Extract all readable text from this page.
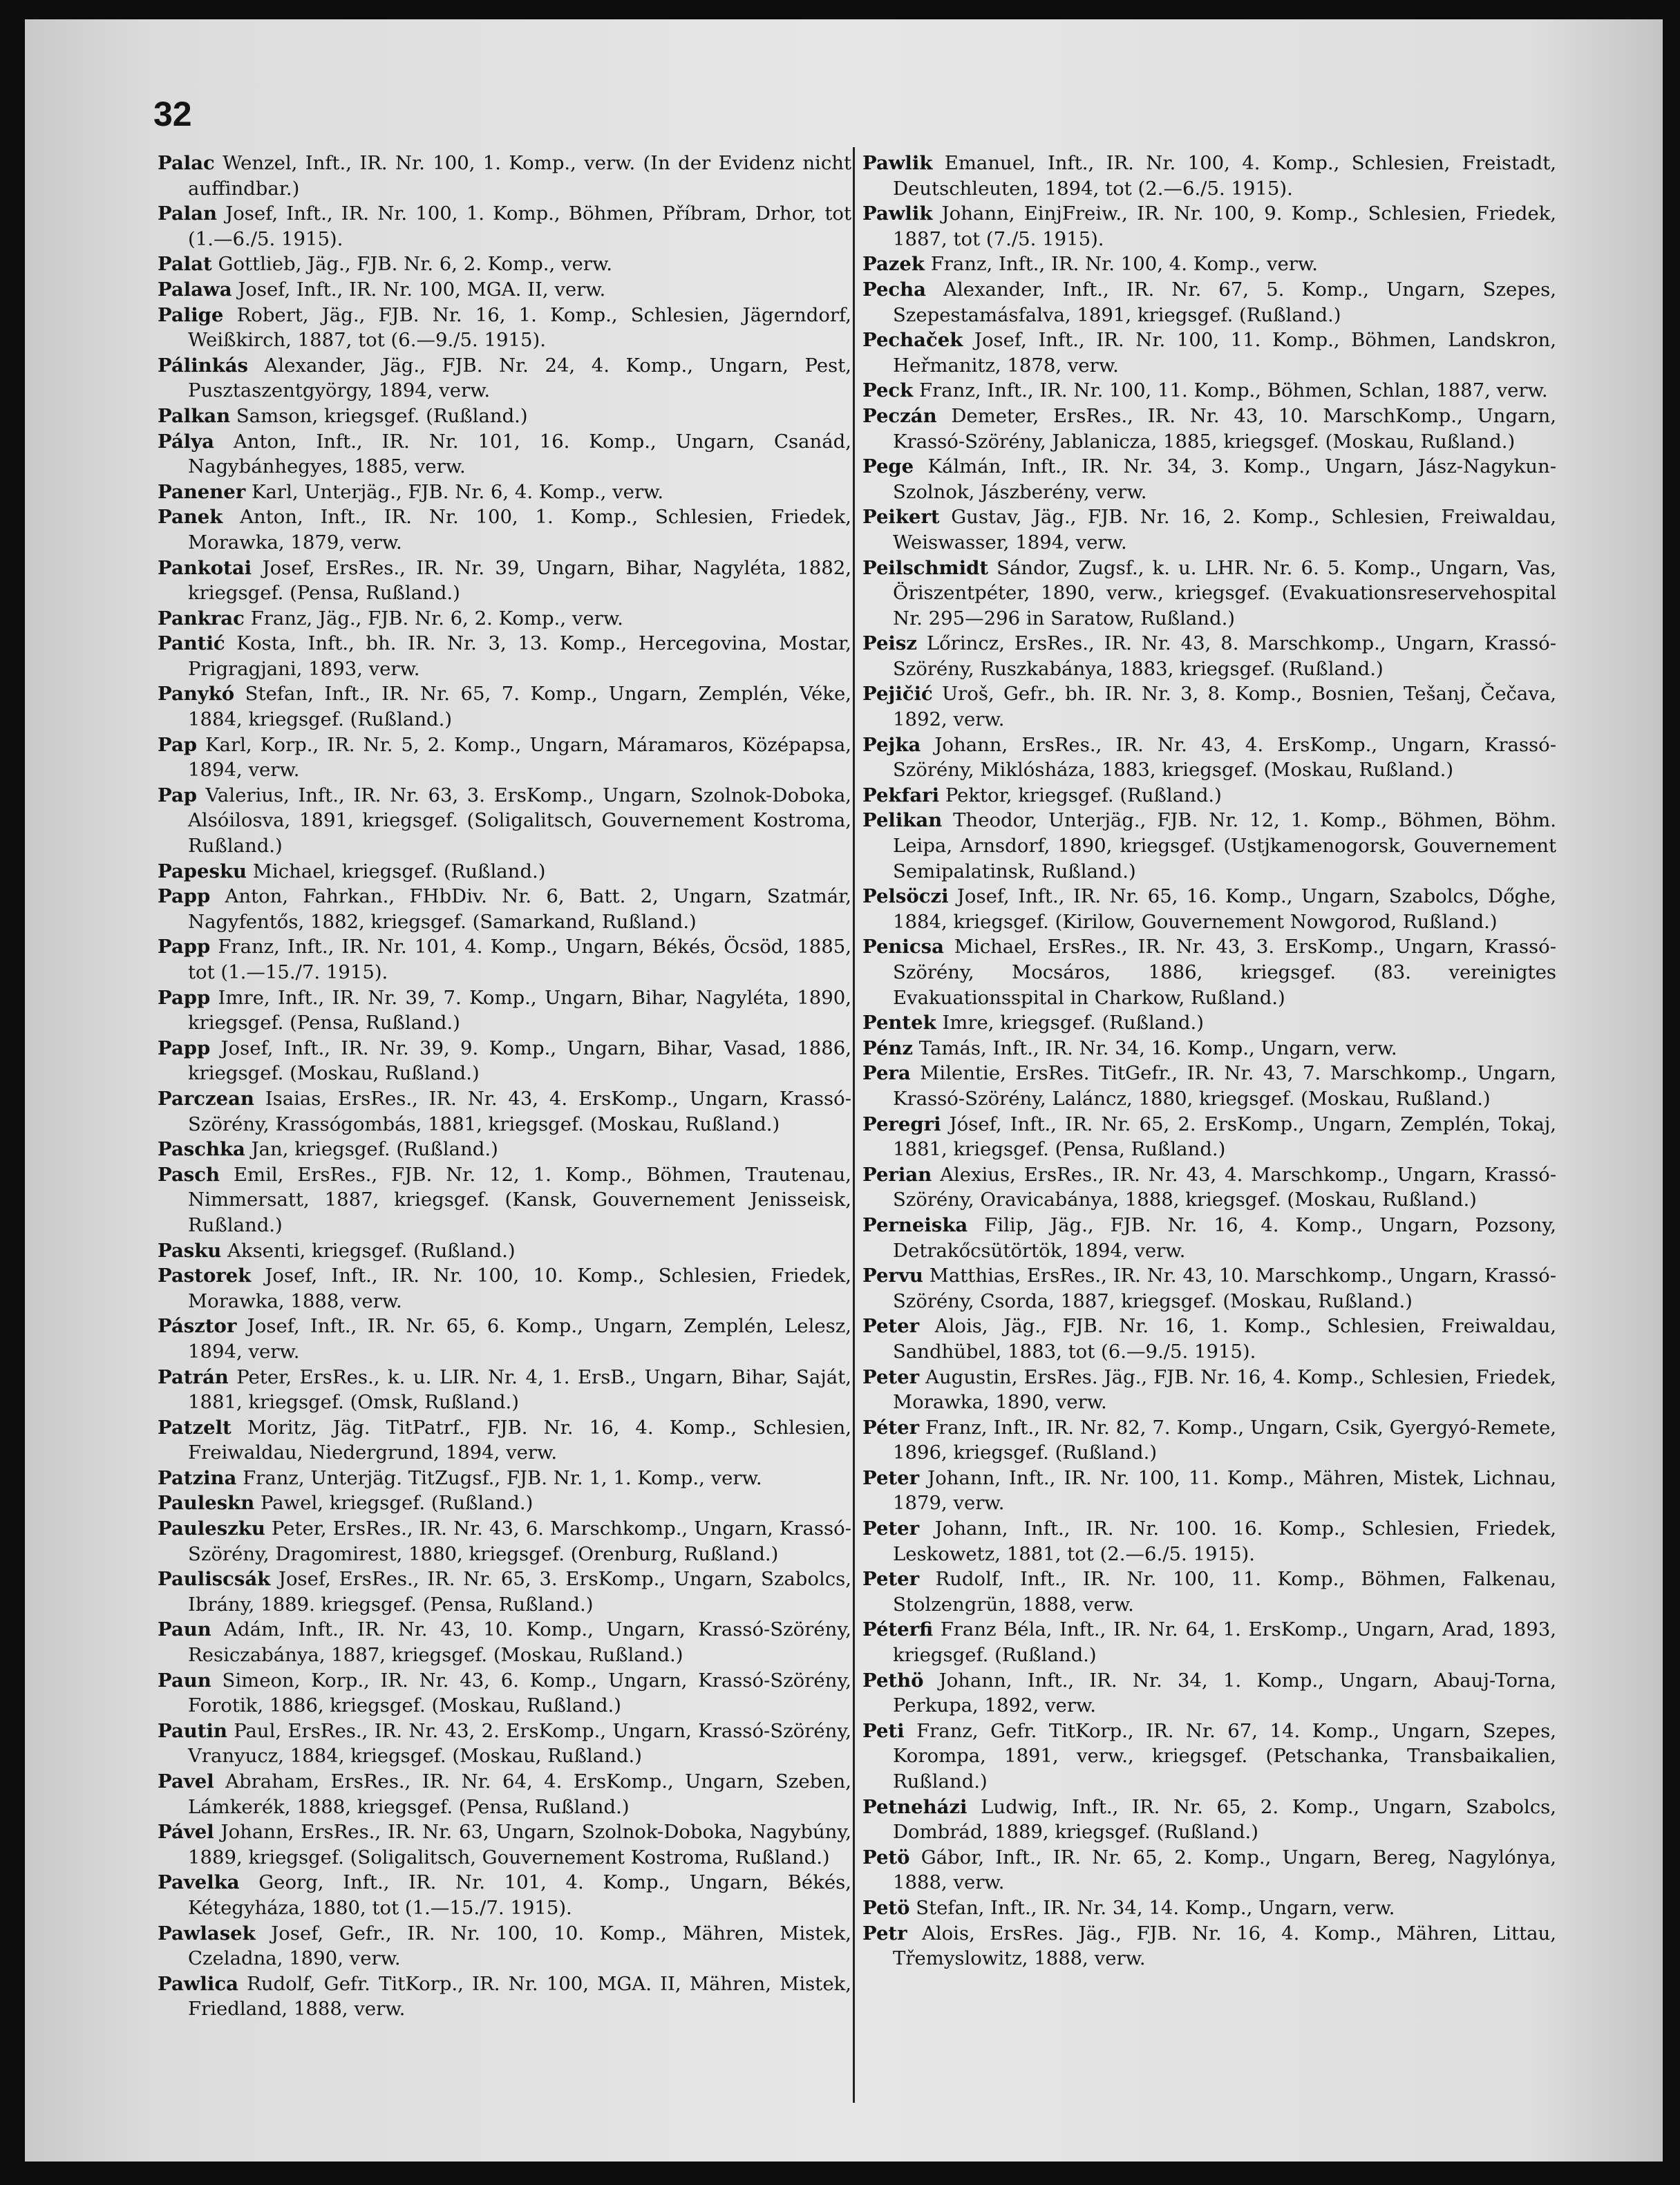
32

Palac Wenzel, Inft., IR. Nr. 100, 1. Komp., verw. (In der Evidenz nicht auffindbar.)

Palan Josef, Inft., IR. Nr. 100, 1. Komp., Böhmen, Příbram, Drhor, tot (1.—6./5. 1915).

Palat Gottlieb, Jäg., FJB. Nr. 6, 2. Komp., verw.

Palawa Josef, Inft., IR. Nr. 100, MGA. II, verw.

Palige Robert, Jäg., FJB. Nr. 16, 1. Komp., Schlesien, Jägerndorf, Weißkirch, 1887, tot (6.—9./5. 1915).

Pálinkás Alexander, Jäg., FJB. Nr. 24, 4. Komp., Ungarn, Pest, Pusztaszentgyörgy, 1894, verw.

Palkan Samson, kriegsgef. (Rußland.)

Pálya Anton, Inft., IR. Nr. 101, 16. Komp., Ungarn, Csanád, Nagybánhegyes, 1885, verw.

Panener Karl, Unterjäg., FJB. Nr. 6, 4. Komp., verw.

Panek Anton, Inft., IR. Nr. 100, 1. Komp., Schlesien, Friedek, Morawka, 1879, verw.

Pankotai Josef, ErsRes., IR. Nr. 39, Ungarn, Bihar, Nagyléta, 1882, kriegsgef. (Pensa, Rußland.)

Pankrac Franz, Jäg., FJB. Nr. 6, 2. Komp., verw.

Pantić Kosta, Inft., bh. IR. Nr. 3, 13. Komp., Hercegovina, Mostar, Prigragjani, 1893, verw.

Panykó Stefan, Inft., IR. Nr. 65, 7. Komp., Ungarn, Zemplén, Véke, 1884, kriegsgef. (Rußland.)

Pap Karl, Korp., IR. Nr. 5, 2. Komp., Ungarn, Máramaros, Középapsa, 1894, verw.

Pap Valerius, Inft., IR. Nr. 63, 3. ErsKomp., Ungarn, Szolnok-Doboka, Alsóilosva, 1891, kriegsgef. (Soligalitsch, Gouvernement Kostroma, Rußland.)

Papesku Michael, kriegsgef. (Rußland.)

Papp Anton, Fahrkan., FHbDiv. Nr. 6, Batt. 2, Ungarn, Szatmár, Nagyfentős, 1882, kriegsgef. (Samarkand, Rußland.)

Papp Franz, Inft., IR. Nr. 101, 4. Komp., Ungarn, Békés, Öcsöd, 1885, tot (1.—15./7. 1915).

Papp Imre, Inft., IR. Nr. 39, 7. Komp., Ungarn, Bihar, Nagyléta, 1890, kriegsgef. (Pensa, Rußland.)

Papp Josef, Inft., IR. Nr. 39, 9. Komp., Ungarn, Bihar, Vasad, 1886, kriegsgef. (Moskau, Rußland.)

Parczean Isaias, ErsRes., IR. Nr. 43, 4. ErsKomp., Ungarn, Krassó-Szörény, Krassógombás, 1881, kriegsgef. (Moskau, Rußland.)

Paschka Jan, kriegsgef. (Rußland.)

Pasch Emil, ErsRes., FJB. Nr. 12, 1. Komp., Böhmen, Trautenau, Nimmersatt, 1887, kriegsgef. (Kansk, Gouvernement Jenisseisk, Rußland.)

Pasku Aksenti, kriegsgef. (Rußland.)

Pastorek Josef, Inft., IR. Nr. 100, 10. Komp., Schlesien, Friedek, Morawka, 1888, verw.

Pásztor Josef, Inft., IR. Nr. 65, 6. Komp., Ungarn, Zemplén, Lelesz, 1894, verw.

Patrán Peter, ErsRes., k. u. LIR. Nr. 4, 1. ErsB., Ungarn, Bihar, Saját, 1881, kriegsgef. (Omsk, Rußland.)

Patzelt Moritz, Jäg. TitPatrf., FJB. Nr. 16, 4. Komp., Schlesien, Freiwaldau, Niedergrund, 1894, verw.

Patzina Franz, Unterjäg. TitZugsf., FJB. Nr. 1, 1. Komp., verw.

Pauleskn Pawel, kriegsgef. (Rußland.)

Pauleszku Peter, ErsRes., IR. Nr. 43, 6. Marschkomp., Ungarn, Krassó-Szörény, Dragomirest, 1880, kriegsgef. (Orenburg, Rußland.)

Pauliscsák Josef, ErsRes., IR. Nr. 65, 3. ErsKomp., Ungarn, Szabolcs, Ibrány, 1889. kriegsgef. (Pensa, Rußland.)

Paun Adám, Inft., IR. Nr. 43, 10. Komp., Ungarn, Krassó-Szörény, Resiczabánya, 1887, kriegsgef. (Moskau, Rußland.)

Paun Simeon, Korp., IR. Nr. 43, 6. Komp., Ungarn, Krassó-Szörény, Forotik, 1886, kriegsgef. (Moskau, Rußland.)

Pautin Paul, ErsRes., IR. Nr. 43, 2. ErsKomp., Ungarn, Krassó-Szörény, Vranyucz, 1884, kriegsgef. (Moskau, Rußland.)

Pavel Abraham, ErsRes., IR. Nr. 64, 4. ErsKomp., Ungarn, Szeben, Lámkerék, 1888, kriegsgef. (Pensa, Rußland.)

Pável Johann, ErsRes., IR. Nr. 63, Ungarn, Szolnok-Doboka, Nagybúny, 1889, kriegsgef. (Soligalitsch, Gouvernement Kostroma, Rußland.)

Pavelka Georg, Inft., IR. Nr. 101, 4. Komp., Ungarn, Békés, Kétegyháza, 1880, tot (1.—15./7. 1915).

Pawlasek Josef, Gefr., IR. Nr. 100, 10. Komp., Mähren, Mistek, Czeladna, 1890, verw.

Pawlica Rudolf, Gefr. TitKorp., IR. Nr. 100, MGA. II, Mähren, Mistek, Friedland, 1888, verw.

Pawlik Emanuel, Inft., IR. Nr. 100, 4. Komp., Schlesien, Freistadt, Deutschleuten, 1894, tot (2.—6./5. 1915).

Pawlik Johann, EinjFreiw., IR. Nr. 100, 9. Komp., Schlesien, Friedek, 1887, tot (7./5. 1915).

Pazek Franz, Inft., IR. Nr. 100, 4. Komp., verw.

Pecha Alexander, Inft., IR. Nr. 67, 5. Komp., Ungarn, Szepes, Szepestamásfalva, 1891, kriegsgef. (Rußland.)

Pechaček Josef, Inft., IR. Nr. 100, 11. Komp., Böhmen, Landskron, Heřmanitz, 1878, verw.

Peck Franz, Inft., IR. Nr. 100, 11. Komp., Böhmen, Schlan, 1887, verw.

Peczán Demeter, ErsRes., IR. Nr. 43, 10. MarschKomp., Ungarn, Krassó-Szörény, Jablanicza, 1885, kriegsgef. (Moskau, Rußland.)

Pege Kálmán, Inft., IR. Nr. 34, 3. Komp., Ungarn, Jász-Nagykun-Szolnok, Jászberény, verw.

Peikert Gustav, Jäg., FJB. Nr. 16, 2. Komp., Schlesien, Freiwaldau, Weiswasser, 1894, verw.

Peilschmidt Sándor, Zugsf., k. u. LHR. Nr. 6. 5. Komp., Ungarn, Vas, Öriszentpéter, 1890, verw., kriegsgef. (Evakuationsreservehospital Nr. 295—296 in Saratow, Rußland.)

Peisz Lőrincz, ErsRes., IR. Nr. 43, 8. Marschkomp., Ungarn, Krassó-Szörény, Ruszkabánya, 1883, kriegsgef. (Rußland.)

Pejičić Uroš, Gefr., bh. IR. Nr. 3, 8. Komp., Bosnien, Tešanj, Čečava, 1892, verw.

Pejka Johann, ErsRes., IR. Nr. 43, 4. ErsKomp., Ungarn, Krassó-Szörény, Miklósháza, 1883, kriegsgef. (Moskau, Rußland.)

Pekfari Pektor, kriegsgef. (Rußland.)

Pelikan Theodor, Unterjäg., FJB. Nr. 12, 1. Komp., Böhmen, Böhm. Leipa, Arnsdorf, 1890, kriegsgef. (Ustjkamenogorsk, Gouvernement Semipalatinsk, Rußland.)

Pelsöczi Josef, Inft., IR. Nr. 65, 16. Komp., Ungarn, Szabolcs, Dőghe, 1884, kriegsgef. (Kirilow, Gouvernement Nowgorod, Rußland.)

Penicsa Michael, ErsRes., IR. Nr. 43, 3. ErsKomp., Ungarn, Krassó-Szörény, Mocsáros, 1886, kriegsgef. (83. vereinigtes Evakuationsspital in Charkow, Rußland.)

Pentek Imre, kriegsgef. (Rußland.)

Pénz Tamás, Inft., IR. Nr. 34, 16. Komp., Ungarn, verw.

Pera Milentie, ErsRes. TitGefr., IR. Nr. 43, 7. Marschkomp., Ungarn, Krassó-Szörény, Laláncz, 1880, kriegsgef. (Moskau, Rußland.)

Peregri Jósef, Inft., IR. Nr. 65, 2. ErsKomp., Ungarn, Zemplén, Tokaj, 1881, kriegsgef. (Pensa, Rußland.)

Perian Alexius, ErsRes., IR. Nr. 43, 4. Marschkomp., Ungarn, Krassó-Szörény, Oravicabánya, 1888, kriegsgef. (Moskau, Rußland.)

Perneiska Filip, Jäg., FJB. Nr. 16, 4. Komp., Ungarn, Pozsony, Detrakőcsütörtök, 1894, verw.

Pervu Matthias, ErsRes., IR. Nr. 43, 10. Marschkomp., Ungarn, Krassó-Szörény, Csorda, 1887, kriegsgef. (Moskau, Rußland.)

Peter Alois, Jäg., FJB. Nr. 16, 1. Komp., Schlesien, Freiwaldau, Sandhübel, 1883, tot (6.—9./5. 1915).

Peter Augustin, ErsRes. Jäg., FJB. Nr. 16, 4. Komp., Schlesien, Friedek, Morawka, 1890, verw.

Péter Franz, Inft., IR. Nr. 82, 7. Komp., Ungarn, Csik, Gyergyó-Remete, 1896, kriegsgef. (Rußland.)

Peter Johann, Inft., IR. Nr. 100, 11. Komp., Mähren, Mistek, Lichnau, 1879, verw.

Peter Johann, Inft., IR. Nr. 100. 16. Komp., Schlesien, Friedek, Leskowetz, 1881, tot (2.—6./5. 1915).

Peter Rudolf, Inft., IR. Nr. 100, 11. Komp., Böhmen, Falkenau, Stolzengrün, 1888, verw.

Péterfi Franz Béla, Inft., IR. Nr. 64, 1. ErsKomp., Ungarn, Arad, 1893, kriegsgef. (Rußland.)

Pethö Johann, Inft., IR. Nr. 34, 1. Komp., Ungarn, Abauj-Torna, Perkupa, 1892, verw.

Peti Franz, Gefr. TitKorp., IR. Nr. 67, 14. Komp., Ungarn, Szepes, Korompa, 1891, verw., kriegsgef. (Petschanka, Transbaikalien, Rußland.)

Petneházi Ludwig, Inft., IR. Nr. 65, 2. Komp., Ungarn, Szabolcs, Dombrád, 1889, kriegsgef. (Rußland.)

Petö Gábor, Inft., IR. Nr. 65, 2. Komp., Ungarn, Bereg, Nagylónya, 1888, verw.

Petö Stefan, Inft., IR. Nr. 34, 14. Komp., Ungarn, verw.

Petr Alois, ErsRes. Jäg., FJB. Nr. 16, 4. Komp., Mähren, Littau, Třemyslowitz, 1888, verw.
